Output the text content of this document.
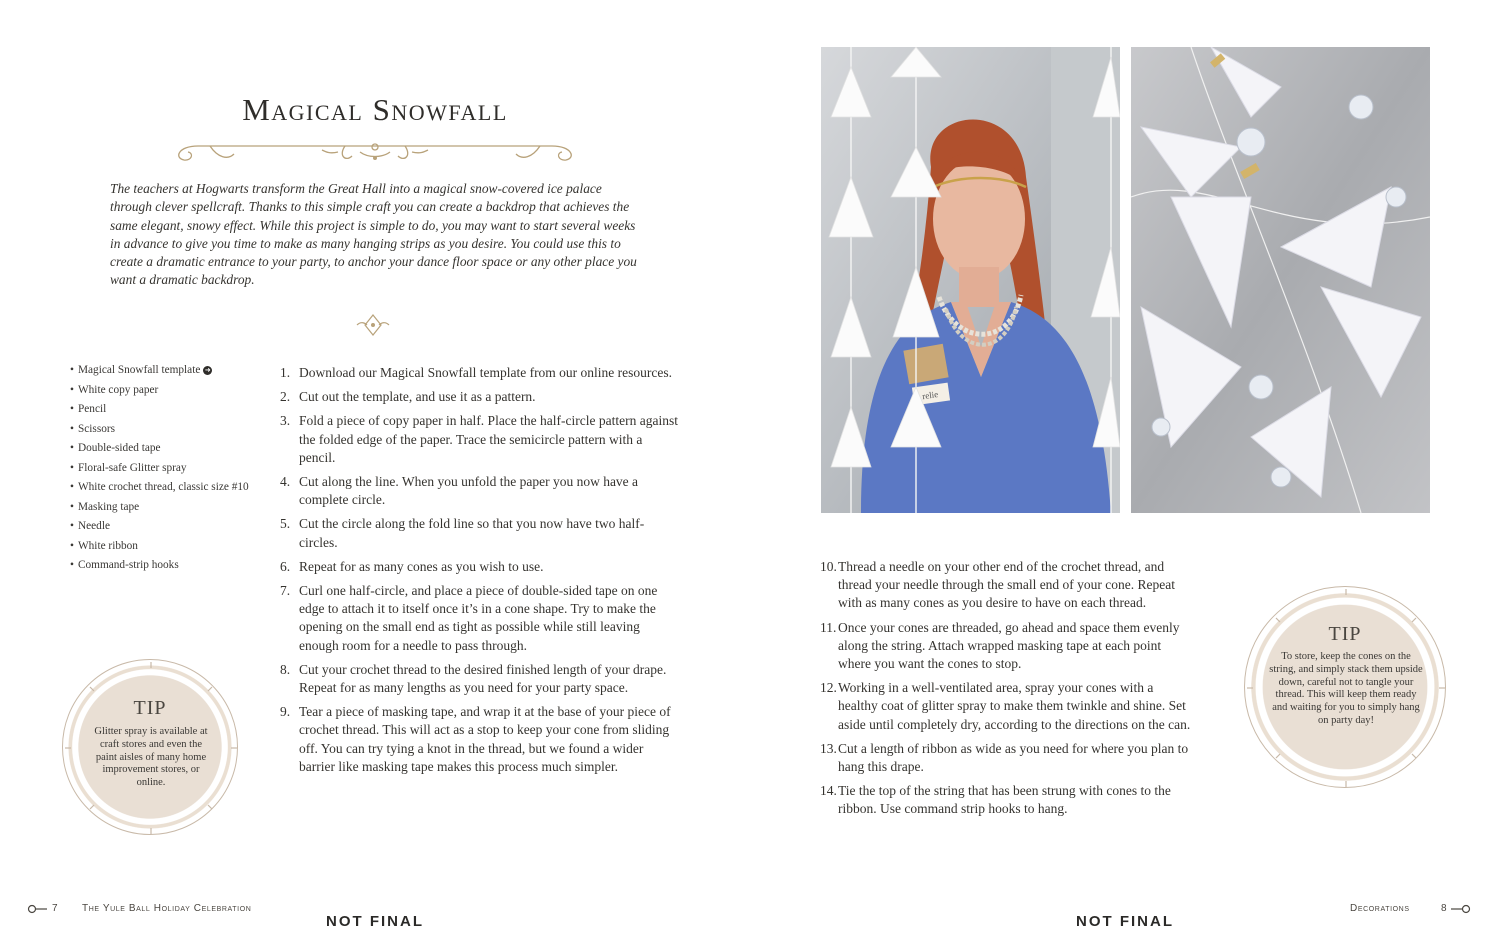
Magical Snowfall
The teachers at Hogwarts transform the Great Hall into a magical snow-covered ice palace through clever spellcraft. Thanks to this simple craft you can create a backdrop that achieves the same elegant, snowy effect. While this project is simple to do, you may want to start several weeks in advance to give you time to make as many hanging strips as you desire. You could use this to create a dramatic entrance to your party, to anchor your dance floor space or any other place you want a dramatic backdrop.
• Magical Snowfall template ➜
• White copy paper
• Pencil
• Scissors
• Double-sided tape
• Floral-safe Glitter spray
• White crochet thread, classic size #10
• Masking tape
• Needle
• White ribbon
• Command-strip hooks
1. Download our Magical Snowfall template from our online resources.
2. Cut out the template, and use it as a pattern.
3. Fold a piece of copy paper in half. Place the half-circle pattern against the folded edge of the paper. Trace the semicircle pattern with a pencil.
4. Cut along the line. When you unfold the paper you now have a complete circle.
5. Cut the circle along the fold line so that you now have two half-circles.
6. Repeat for as many cones as you wish to use.
7. Curl one half-circle, and place a piece of double-sided tape on one edge to attach it to itself once it’s in a cone shape. Try to make the opening on the small end as tight as possible while still leaving enough room for a needle to pass through.
8. Cut your crochet thread to the desired finished length of your drape. Repeat for as many lengths as you need for your party space.
9. Tear a piece of masking tape, and wrap it at the base of your piece of crochet thread. This will act as a stop to keep your cone from sliding off. You can try tying a knot in the thread, but we found a wider barrier like masking tape makes this process much simpler.
TIP
Glitter spray is available at craft stores and even the paint aisles of many home improvement stores, or online.
relie
10. Thread a needle on your other end of the crochet thread, and thread your needle through the small end of your cone. Repeat with as many cones as you desire to have on each thread.
11. Once your cones are threaded, go ahead and space them evenly along the string. Attach wrapped masking tape at each point where you want the cones to stop.
12. Working in a well-ventilated area, spray your cones with a healthy coat of glitter spray to make them twinkle and shine. Set aside until completely dry, according to the directions on the can.
13. Cut a length of ribbon as wide as you need for where you plan to hang this drape.
14. Tie the top of the string that has been strung with cones to the ribbon. Use command strip hooks to hang.
TIP
To store, keep the cones on the string, and simply stack them upside down, careful not to tangle your thread. This will keep them ready and waiting for you to simply hang on party day!
7 The Yule Ball Holiday Celebration
NOT FINAL	NOT FINAL
Decorations	8
